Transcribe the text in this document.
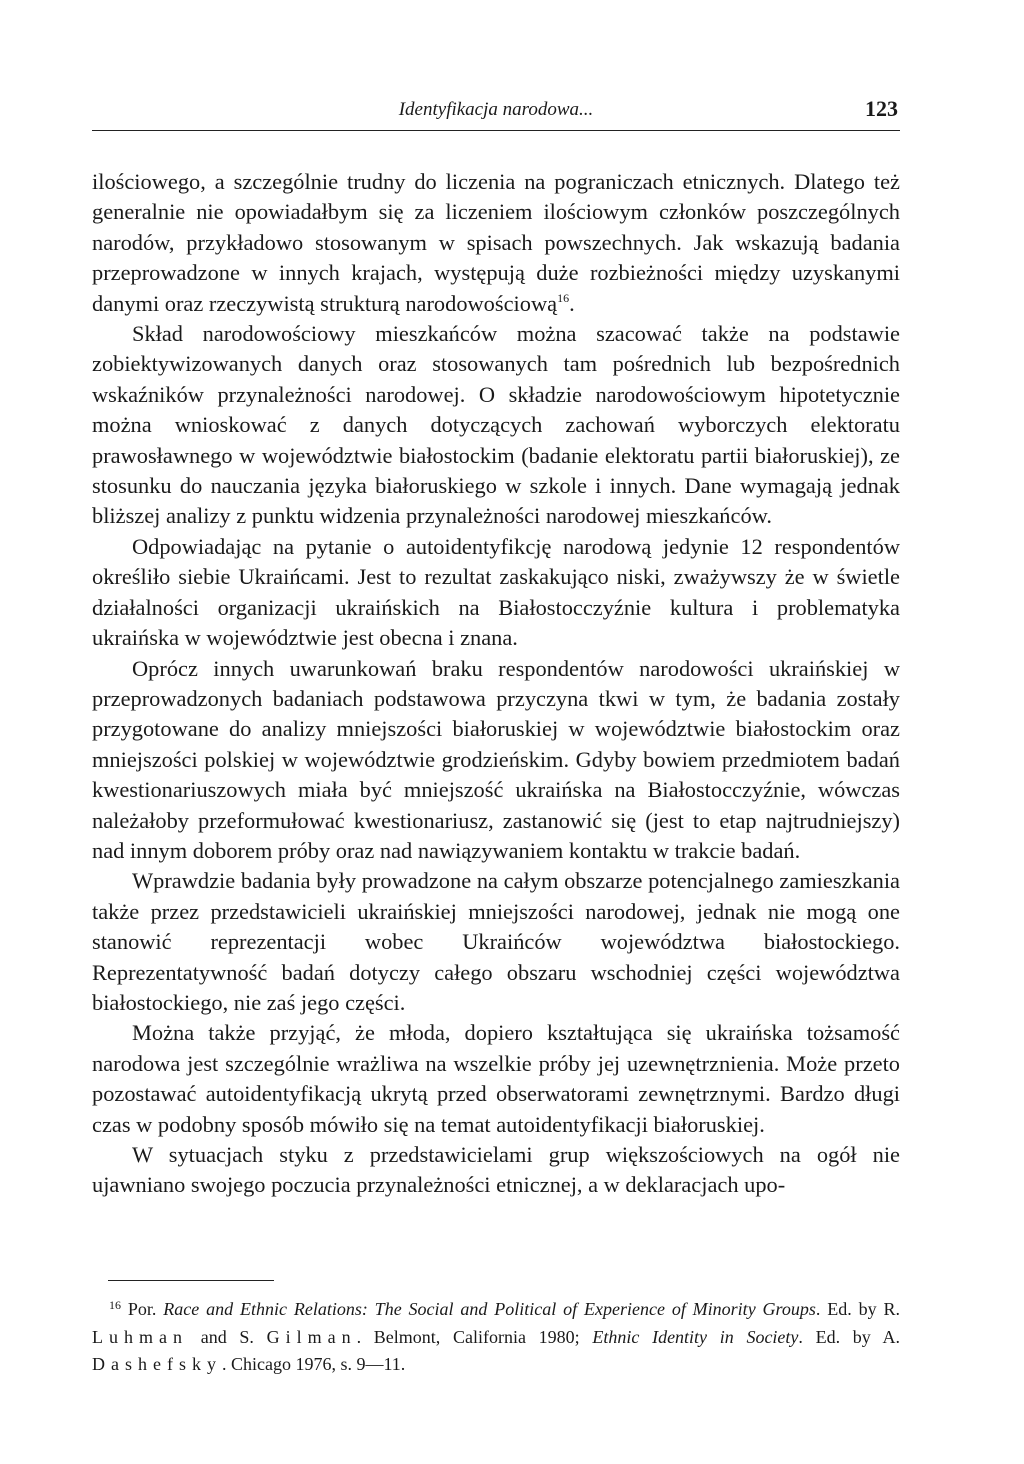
Identyfikacja narodowa...	123

ilościowego, a szczególnie trudny do liczenia na pograniczach etnicznych. Dlatego też generalnie nie opowiadałbym się za liczeniem ilościowym członków poszczególnych narodów, przykładowo stosowanym w spisach powszechnych. Jak wskazują badania przeprowadzone w innych krajach, występują duże rozbieżności między uzyskanymi danymi oraz rzeczywistą strukturą narodowościową$^{16}$.

Skład narodowościowy mieszkańców można szacować także na podstawie zobiektywizowanych danych oraz stosowanych tam pośrednich lub bezpośrednich wskaźników przynależności narodowej. O składzie narodowościowym hipotetycznie można wnioskować z danych dotyczących zachowań wyborczych elektoratu prawosławnego w województwie białostockim (badanie elektoratu partii białoruskiej), ze stosunku do nauczania języka białoruskiego w szkole i innych. Dane wymagają jednak bliższej analizy z punktu widzenia przynależności narodowej mieszkańców.

Odpowiadając na pytanie o autoidentyfikcję narodową jedynie 12 respondentów określiło siebie Ukraińcami. Jest to rezultat zaskakująco niski, zważywszy że w świetle działalności organizacji ukraińskich na Białostocczyźnie kultura i problematyka ukraińska w województwie jest obecna i znana.

Oprócz innych uwarunkowań braku respondentów narodowości ukraińskiej w przeprowadzonych badaniach podstawowa przyczyna tkwi w tym, że badania zostały przygotowane do analizy mniejszości białoruskiej w województwie białostockim oraz mniejszości polskiej w województwie grodzieńskim. Gdyby bowiem przedmiotem badań kwestionariuszowych miała być mniejszość ukraińska na Białostocczyźnie, wówczas należałoby przeformułować kwestionariusz, zastanowić się (jest to etap najtrudniejszy) nad innym doborem próby oraz nad nawiązywaniem kontaktu w trakcie badań.

Wprawdzie badania były prowadzone na całym obszarze potencjalnego zamieszkania także przez przedstawicieli ukraińskiej mniejszości narodowej, jednak nie mogą one stanowić reprezentacji wobec Ukraińców województwa białostockiego. Reprezentatywność badań dotyczy całego obszaru wschodniej części województwa białostockiego, nie zaś jego części.

Można także przyjąć, że młoda, dopiero kształtująca się ukraińska tożsamość narodowa jest szczególnie wrażliwa na wszelkie próby jej uzewnętrznienia. Może przeto pozostawać autoidentyfikacją ukrytą przed obserwatorami zewnętrznymi. Bardzo długi czas w podobny sposób mówiło się na temat autoidentyfikacji białoruskiej.

W sytuacjach styku z przedstawicielami grup większościowych na ogół nie ujawniano swojego poczucia przynależności etnicznej, a w deklaracjach upo-

$^{16}$ Por. Race and Ethnic Relations: The Social and Political of Experience of Minority Groups. Ed. by R. Luhman and S. Gilman. Belmont, California 1980; Ethnic Identity in Society. Ed. by A. Dashefsky. Chicago 1976, s. 9—11.
